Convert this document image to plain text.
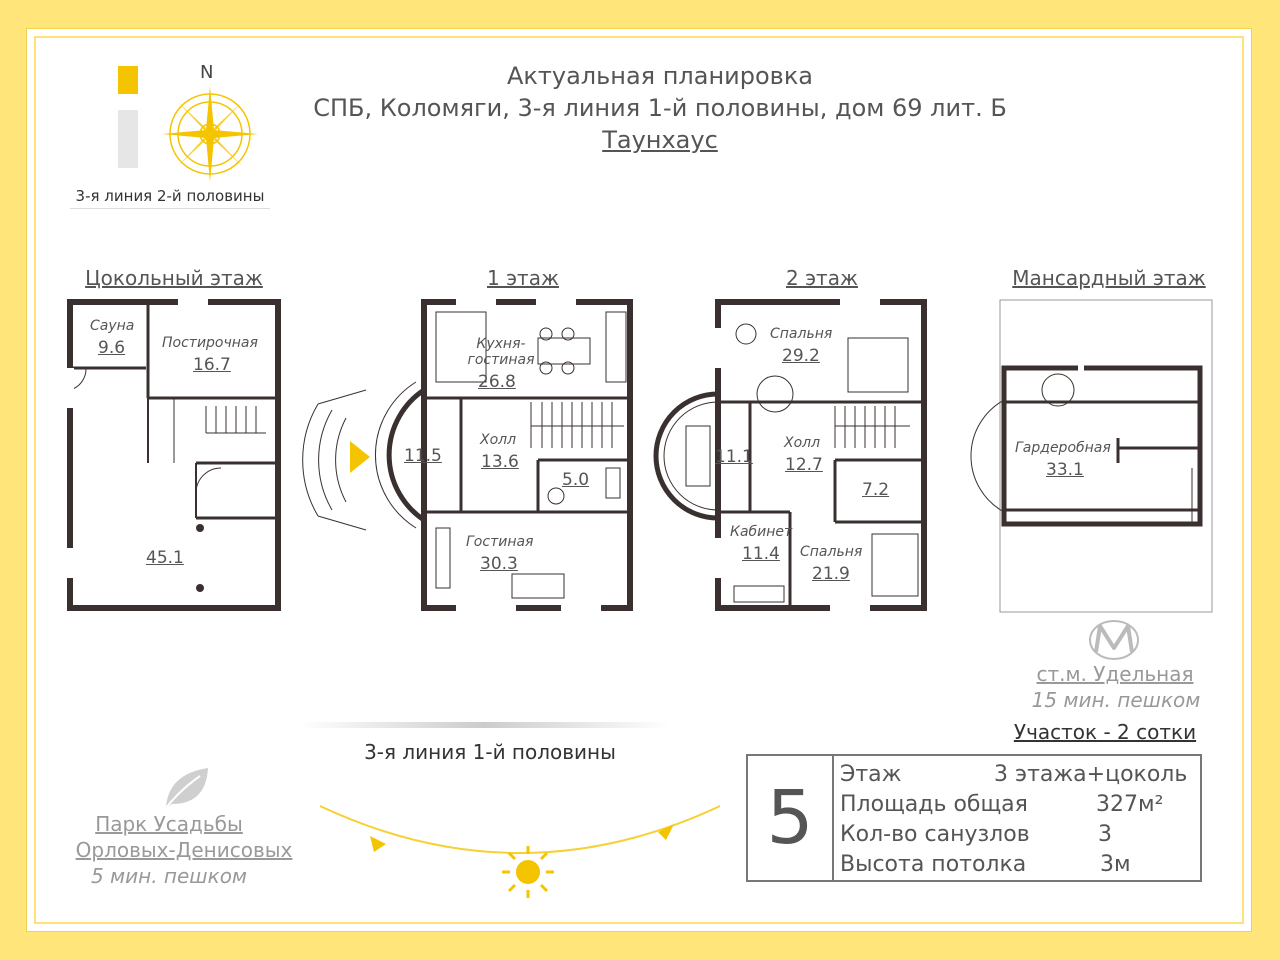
Актуальная планировка
СПБ, Коломяги, 3-я линия 1-й половины, дом 69 лит. Б
Таунхаус
N
3-я линия 2-й половины
Цокольный этаж	1 этаж	2 этаж	Мансардный этаж
Сауна
9.6	Постирочная
16.7
45.1
Кухня-
гостиная
26.8
11.5
Холл
13.6
5.0
Гостиная
30.3
Спальня
29.2
11.1
Холл
12.7
7.2
Кабинет
11.4 Спальня
21.9
Гардеробная
33.1
ст.м. Удельная
15 мин. пешком
Участок - 2 сотки
3-я линия 1-й половины
Парк Усадьбы
Орловых-Денисовых
5 мин. пешком
5
Этаж	3 этажа+цоколь
Площадь общая	327м²
Кол-во санузлов	3
Высота потолка	3м
